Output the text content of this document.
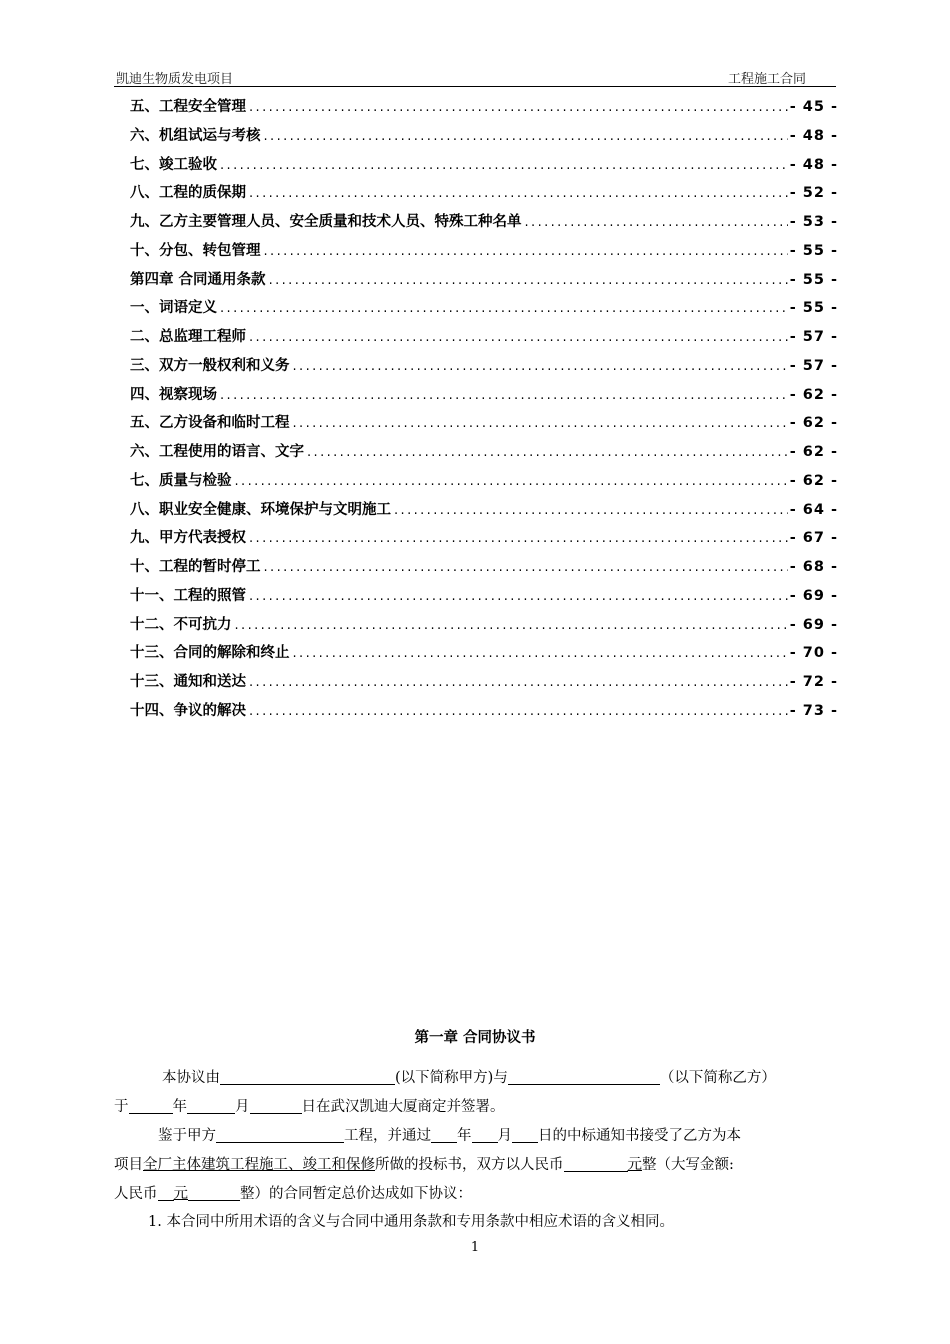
凯迪生物质发电项目	工程施工合同
五、工程安全管理 .....	- 45 -
六、机组试运与考核 .....	- 48 -
七、竣工验收 .....	- 48 -
八、工程的质保期 .....	- 52 -
九、乙方主要管理人员、安全质量和技术人员、特殊工种名单 .....	- 53 -
十、分包、转包管理 .....	- 55 -
第四章 合同通用条款 .....	- 55 -
一、词语定义 .....	- 55 -
二、总监理工程师 .....	- 57 -
三、双方一般权利和义务 .....	- 57 -
四、视察现场 .....	- 62 -
五、乙方设备和临时工程 .....	- 62 -
六、工程使用的语言、文字 .....	- 62 -
七、质量与检验 .....	- 62 -
八、职业安全健康、环境保护与文明施工 .....	- 64 -
九、甲方代表授权 .....	- 67 -
十、工程的暂时停工 .....	- 68 -
十一、工程的照管 .....	- 69 -
十二、不可抗力 .....	- 69 -
十三、合同的解除和终止 .....	- 70 -
十三、通知和送达 .....	- 72 -
十四、争议的解决 .....	- 73 -
第一章 合同协议书
本协议由	(以下简称甲方)与	（以下简称乙方）
于	年	月	日在武汉凯迪大厦商定并签署。
鉴于甲方	工程，并通过 年 月 日的中标通知书接受了乙方为本
项目全厂主体建筑工程施工、竣工和保修所做的投标书，双方以人民币	元整（大写金额:
人民币 元	整）的合同暂定总价达成如下协议：
1. 本合同中所用术语的含义与合同中通用条款和专用条款中相应术语的含义相同。
1
